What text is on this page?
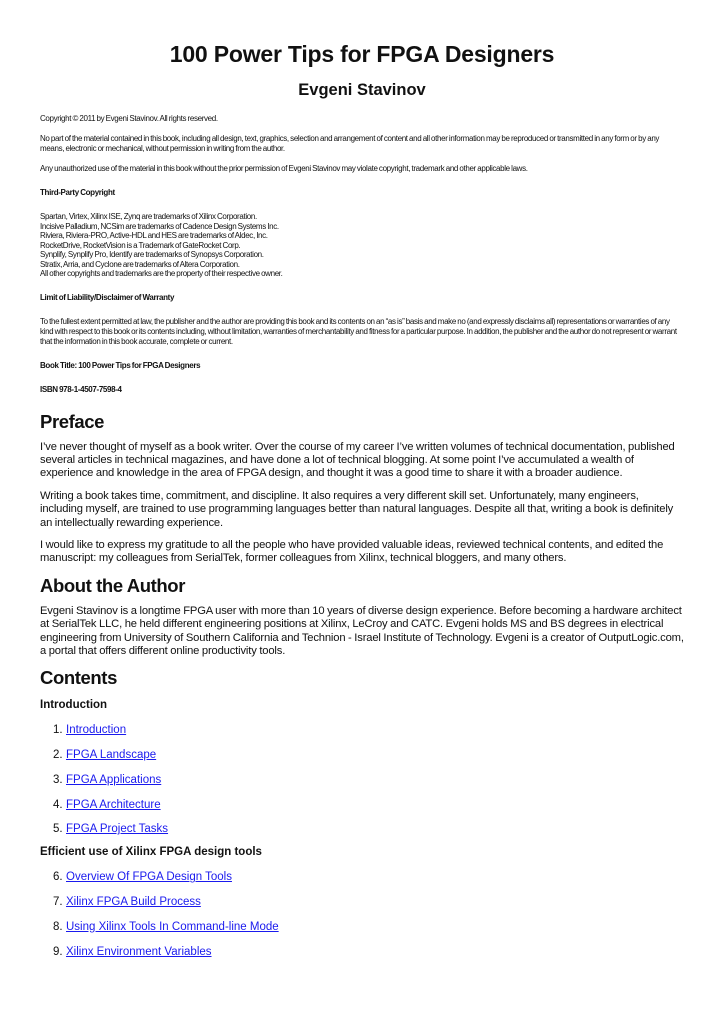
100 Power Tips for FPGA Designers
Evgeni Stavinov

Copyright © 2011 by Evgeni Stavinov. All rights reserved.

No part of the material contained in this book, including all design, text, graphics, selection and arrangement of content and all other information may be reproduced or transmitted in any form or by any means, electronic or mechanical, without permission in writing from the author.

Any unauthorized use of the material in this book without the prior permission of Evgeni Stavinov may violate copyright, trademark and other applicable laws.

Third-Party Copyright

Spartan, Virtex, Xilinx ISE, Zynq are trademarks of Xilinx Corporation.
Incisive Palladium, NCSim are trademarks of Cadence Design Systems Inc.
Riviera, Riviera-PRO, Active-HDL and HES are trademarks of Aldec, Inc.
RocketDrive, RocketVision is a Trademark of GateRocket Corp.
Synplify, Synplify Pro, Identify are trademarks of Synopsys Corporation.
Stratix, Arria, and Cyclone are trademarks of Altera Corporation.
All other copyrights and trademarks are the property of their respective owner.

Limit of Liability/Disclaimer of Warranty

To the fullest extent permitted at law, the publisher and the author are providing this book and its contents on an “as is” basis and make no (and expressly disclaims all) representations or warranties of any kind with respect to this book or its contents including, without limitation, warranties of merchantability and fitness for a particular purpose. In addition, the publisher and the author do not represent or warrant that the information in this book accurate, complete or current.

Book Title: 100 Power Tips for FPGA Designers

ISBN 978-1-4507-7598-4

Preface

I’ve never thought of myself as a book writer. Over the course of my career I’ve written volumes of technical documentation, published several articles in technical magazines, and have done a lot of technical blogging. At some point I’ve accumulated a wealth of experience and knowledge in the area of FPGA design, and thought it was a good time to share it with a broader audience.

Writing a book takes time, commitment, and discipline. It also requires a very different skill set. Unfortunately, many engineers, including myself, are trained to use programming languages better than natural languages. Despite all that, writing a book is definitely an intellectually rewarding experience.

I would like to express my gratitude to all the people who have provided valuable ideas, reviewed technical contents, and edited the manuscript: my colleagues from SerialTek, former colleagues from Xilinx, technical bloggers, and many others.

About the Author

Evgeni Stavinov is a longtime FPGA user with more than 10 years of diverse design experience. Before becoming a hardware architect at SerialTek LLC, he held different engineering positions at Xilinx, LeCroy and CATC. Evgeni holds MS and BS degrees in electrical engineering from University of Southern California and Technion - Israel Institute of Technology. Evgeni is a creator of OutputLogic.com, a portal that offers different online productivity tools.

Contents
Introduction
1. Introduction
2. FPGA Landscape
3. FPGA Applications
4. FPGA Architecture
5. FPGA Project Tasks
Efficient use of Xilinx FPGA design tools
6. Overview Of FPGA Design Tools
7. Xilinx FPGA Build Process
8. Using Xilinx Tools In Command-line Mode
9. Xilinx Environment Variables
